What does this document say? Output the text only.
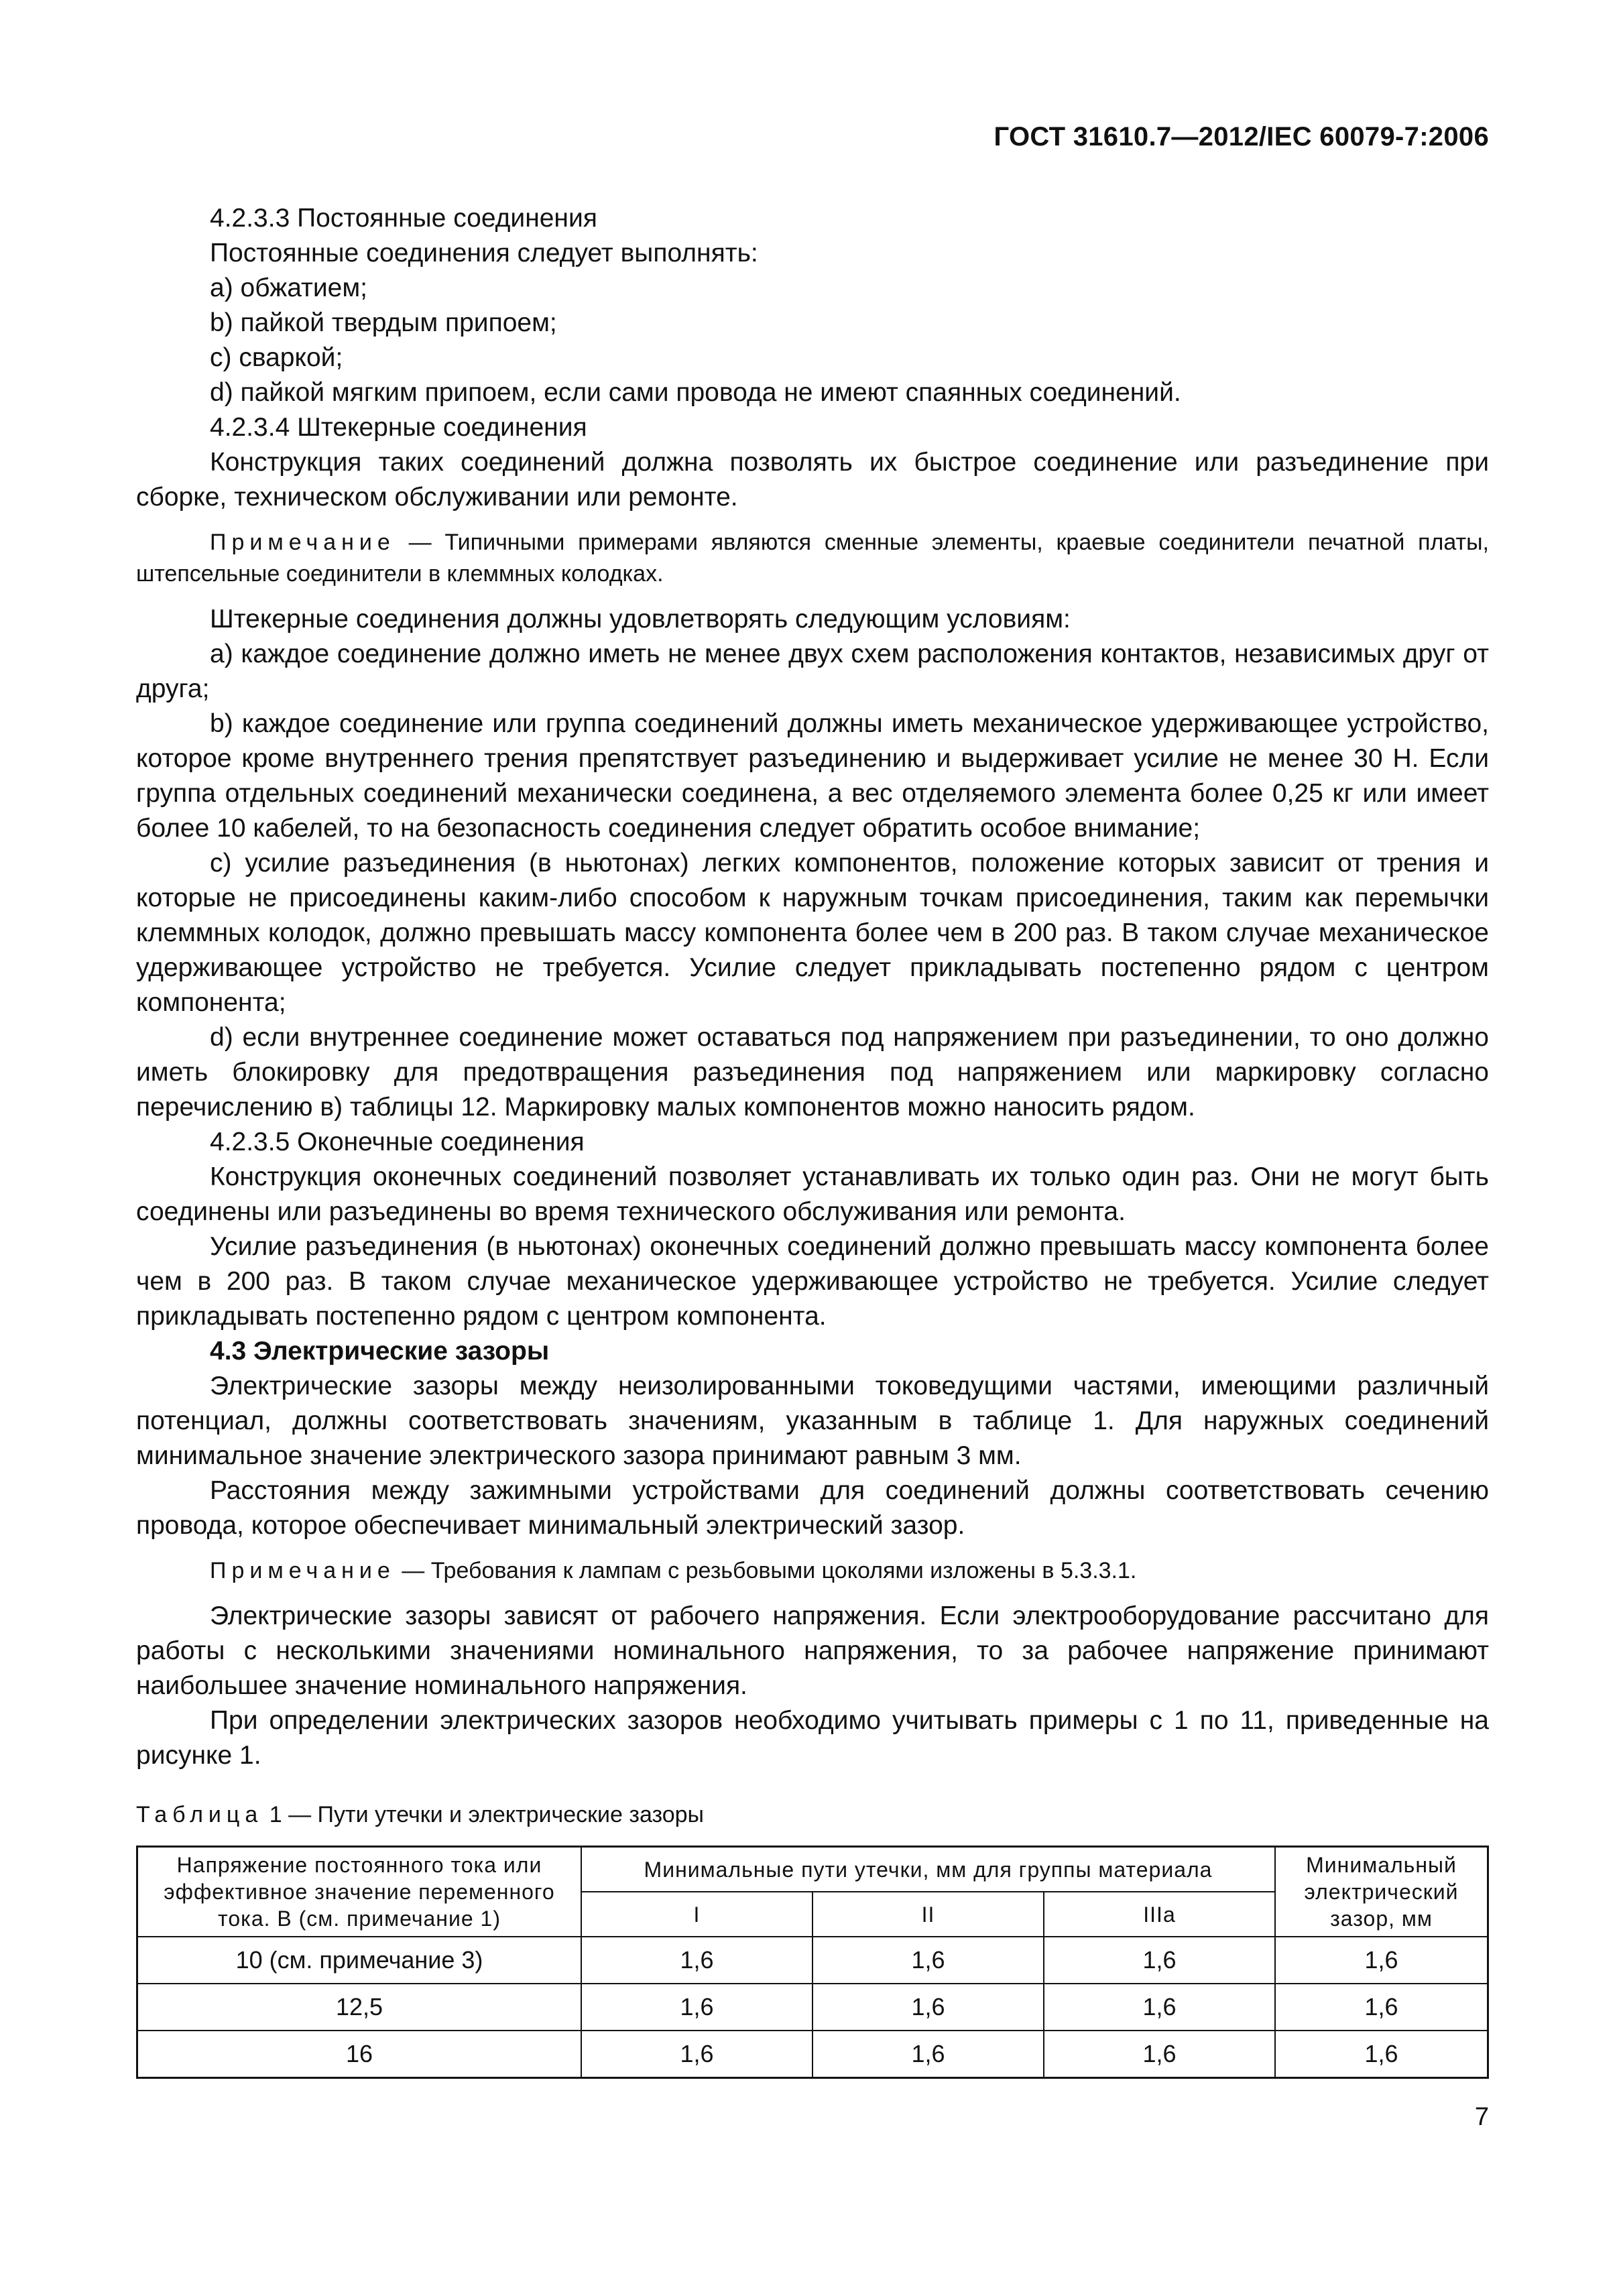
ГОСТ 31610.7—2012/IEC 60079-7:2006

4.2.3.3 Постоянные соединения

Постоянные соединения следует выполнять:

а) обжатием;

b) пайкой твердым припоем;

с) сваркой;

d) пайкой мягким припоем, если сами провода не имеют спаянных соединений.

4.2.3.4 Штекерные соединения

Конструкция таких соединений должна позволять их быстрое соединение или разъединение при сборке, техническом обслуживании или ремонте.

Примечание — Типичными примерами являются сменные элементы, краевые соединители печатной платы, штепсельные соединители в клеммных колодках.

Штекерные соединения должны удовлетворять следующим условиям:

а) каждое соединение должно иметь не менее двух схем расположения контактов, независимых друг от друга;

b) каждое соединение или группа соединений должны иметь механическое удерживающее устройство, которое кроме внутреннего трения препятствует разъединению и выдерживает усилие не менее 30 Н. Если группа отдельных соединений механически соединена, а вес отделяемого элемента более 0,25 кг или имеет более 10 кабелей, то на безопасность соединения следует обратить особое внимание;

с) усилие разъединения (в ньютонах) легких компонентов, положение которых зависит от трения и которые не присоединены каким-либо способом к наружным точкам присоединения, таким как перемычки клеммных колодок, должно превышать массу компонента более чем в 200 раз. В таком случае механическое удерживающее устройство не требуется. Усилие следует прикладывать постепенно рядом с центром компонента;

d) если внутреннее соединение может оставаться под напряжением при разъединении, то оно должно иметь блокировку для предотвращения разъединения под напряжением или маркировку согласно перечислению в) таблицы 12. Маркировку малых компонентов можно наносить рядом.

4.2.3.5 Оконечные соединения

Конструкция оконечных соединений позволяет устанавливать их только один раз. Они не могут быть соединены или разъединены во время технического обслуживания или ремонта.

Усилие разъединения (в ньютонах) оконечных соединений должно превышать массу компонента более чем в 200 раз. В таком случае механическое удерживающее устройство не требуется. Усилие следует прикладывать постепенно рядом с центром компонента.

4.3 Электрические зазоры

Электрические зазоры между неизолированными токоведущими частями, имеющими различный потенциал, должны соответствовать значениям, указанным в таблице 1. Для наружных соединений минимальное значение электрического зазора принимают равным 3 мм.

Расстояния между зажимными устройствами для соединений должны соответствовать сечению провода, которое обеспечивает минимальный электрический зазор.

Примечание — Требования к лампам с резьбовыми цоколями изложены в 5.3.3.1.

Электрические зазоры зависят от рабочего напряжения. Если электрооборудование рассчитано для работы с несколькими значениями номинального напряжения, то за рабочее напряжение принимают наибольшее значение номинального напряжения.

При определении электрических зазоров необходимо учитывать примеры с 1 по 11, приведенные на рисунке 1.

Таблица 1 — Пути утечки и электрические зазоры

Напряжение постоянного тока или эффективное значение переменного тока. В (см. примечание 1)	Минимальные пути утечки, мм для группы материала			Минимальный электрический зазор, мм
	I	II	IIIa	
10 (см. примечание 3)	1,6	1,6	1,6	1,6
12,5	1,6	1,6	1,6	1,6
16	1,6	1,6	1,6	1,6
7
